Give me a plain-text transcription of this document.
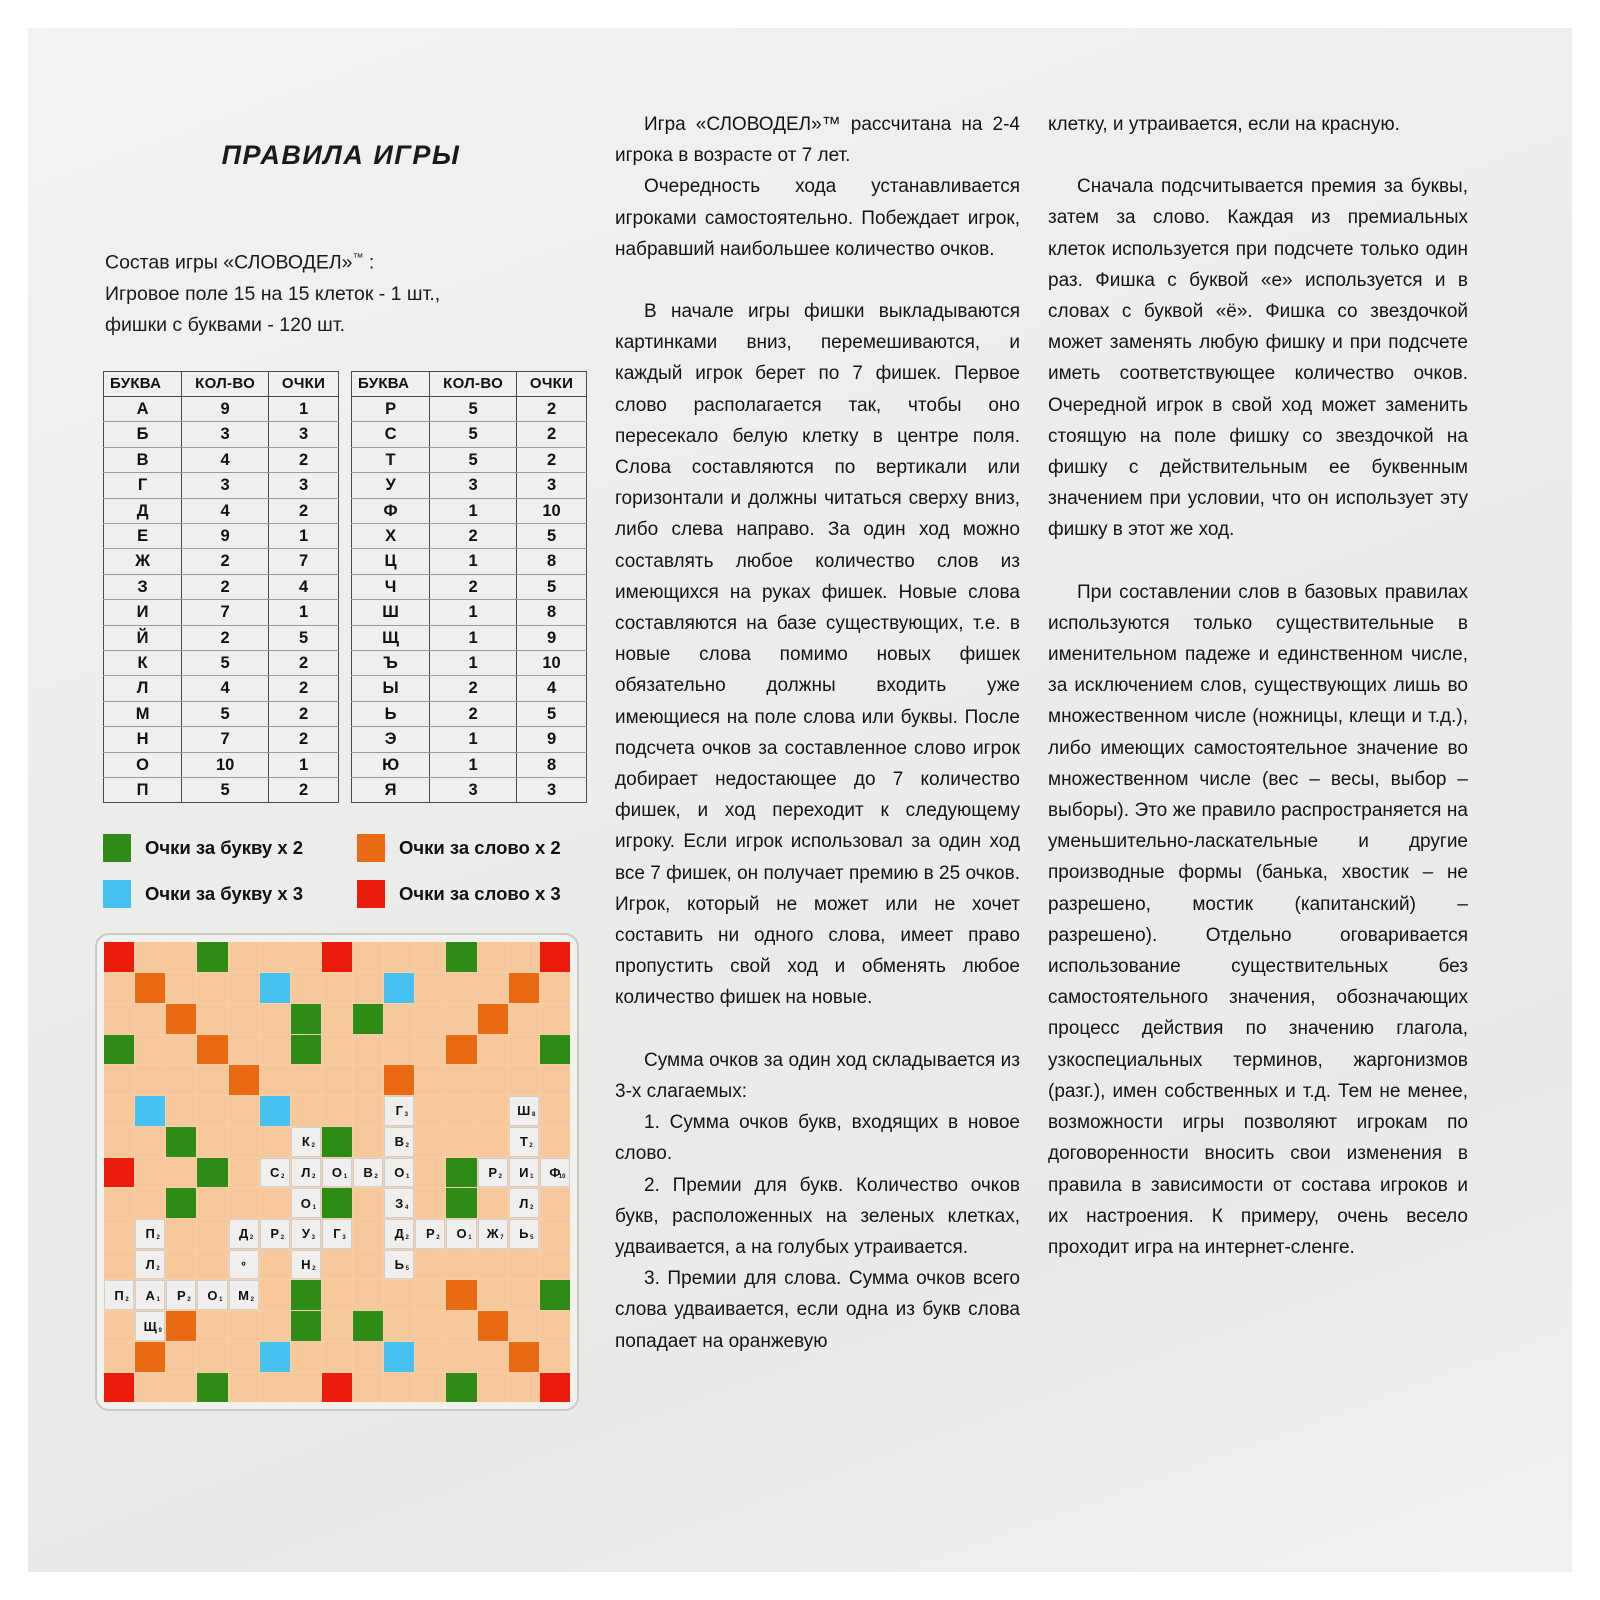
ПРАВИЛА ИГРЫ
Состав игры «СЛОВОДЕЛ»™ :
Игровое поле 15 на 15 клеток - 1 шт.,
фишки с буквами - 120 шт.
БУКВА	КОЛ-ВО	ОЧКИ
А	9	1
Б	3	3
В	4	2
Г	3	3
Д	4	2
Е	9	1
Ж	2	7
З	2	4
И	7	1
Й	2	5
К	5	2
Л	4	2
М	5	2
Н	7	2
О	10	1
П	5	2
БУКВА	КОЛ-ВО	ОЧКИ
Р	5	2
С	5	2
Т	5	2
У	3	3
Ф	1	10
Х	2	5
Ц	1	8
Ч	2	5
Ш	1	8
Щ	1	9
Ъ	1	10
Ы	2	4
Ь	2	5
Э	1	9
Ю	1	8
Я	3	3
Очки за букву x 2	Очки за слово x 2
Очки за букву x 3	Очки за слово x 3
Г 3	Ш 8
К 2	В 2	Т 2
С 2 Л 2 О 1 В 2 О 1	Р 2 И 1 Ф
10
О 1	З 4	Л 2
П 2	Д 2 Р 2 У 3 Г 3	Д 2 Р 2 О 1 Ж 7 Ь 5
Л 2	∘	Н 2	Ь 5
П 2 А 1 Р 2 О 1 М 2
Щ 9

Игра «СЛОВОДЕЛ»™ рассчитана на 2-4 игрока в возрасте от 7 лет.

Очередность хода устанавливается игроками самостоятельно. Побеждает игрок, набравший наибольшее количество очков.

В начале игры фишки выкладываются картинками вниз, перемешиваются, и каждый игрок берет по 7 фишек. Первое слово располагается так, чтобы оно пересекало белую клетку в центре поля. Слова составляются по вертикали или горизонтали и должны читаться сверху вниз, либо слева направо. За один ход можно составлять любое количество слов из имеющихся на руках фишек. Новые слова составляются на базе существующих, т.е. в новые слова помимо новых фишек обязательно должны входить уже имеющиеся на поле слова или буквы. После подсчета очков за составленное слово игрок добирает недостающее до 7 количество фишек, и ход переходит к следующему игроку. Если игрок использовал за один ход все 7 фишек, он получает премию в 25 очков. Игрок, который не может или не хочет составить ни одного слова, имеет право пропустить свой ход и обменять любое количество фишек на новые.

Сумма очков за один ход складывается из 3-х слагаемых:

1. Сумма очков букв, входящих в новое слово.

2. Премии для букв. Количество очков букв, расположенных на зеленых клетках, удваивается, а на голубых утраивается.

3. Премии для слова. Сумма очков всего слова удваивается, если одна из букв слова попадает на оранжевую

клетку, и утраивается, если на красную.

Сначала подсчитывается премия за буквы, затем за слово. Каждая из премиальных клеток используется при подсчете только один раз. Фишка с буквой «е» используется и в словах с буквой «ё». Фишка со звездочкой может заменять любую фишку и при подсчете иметь соответствующее количество очков. Очередной игрок в свой ход может заменить стоящую на поле фишку со звездочкой на фишку с действительным ее буквенным значением при условии, что он использует эту фишку в этот же ход.

При составлении слов в базовых правилах используются только существительные в именительном падеже и единственном числе, за исключением слов, существующих лишь во множественном числе (ножницы, клещи и т.д.), либо имеющих самостоятельное значение во множественном числе (вес – весы, выбор – выборы). Это же правило распространяется на уменьшительно-ласкательные и другие производные формы (банька, хвостик – не разрешено, мостик (капитанский) – разрешено). Отдельно оговаривается использование существительных без самостоятельного значения, обозначающих процесс действия по значению глагола, узкоспециальных терминов, жаргонизмов (разг.), имен собственных и т.д. Тем не менее, возможности игры позволяют игрокам по договоренности вносить свои изменения в правила в зависимости от состава игроков и их настроения. К примеру, очень весело проходит игра на интернет-сленге.
